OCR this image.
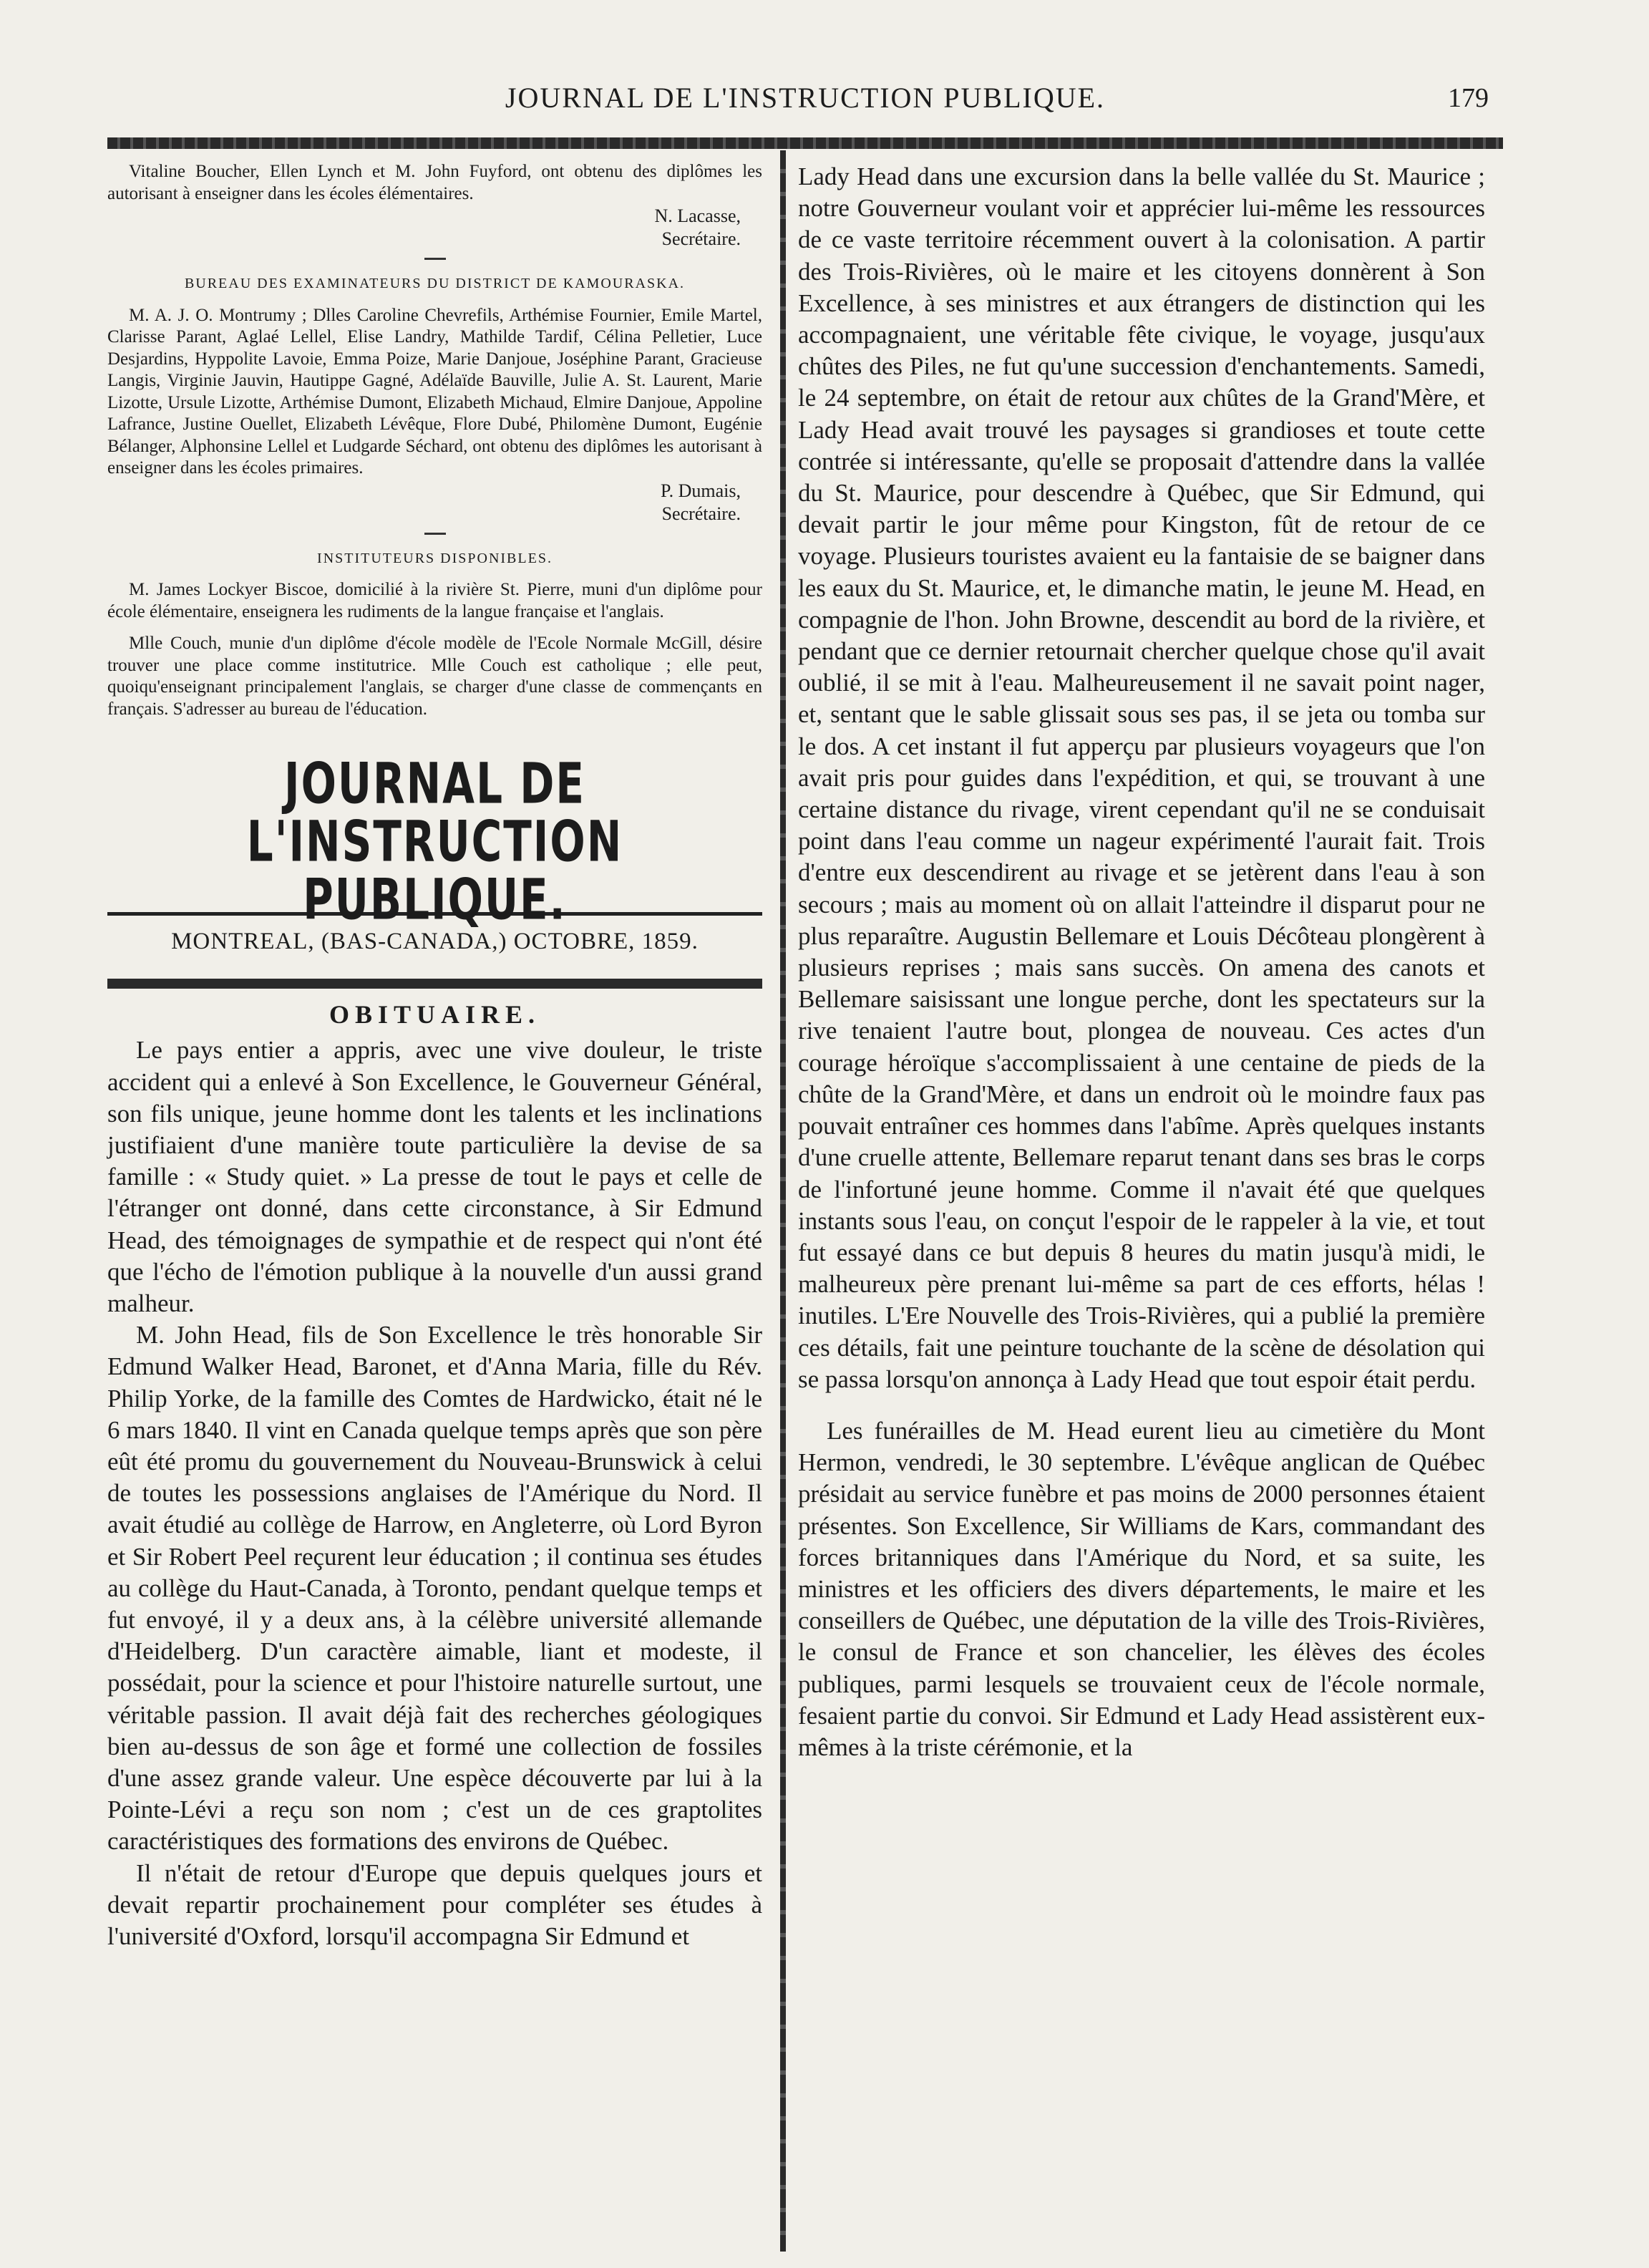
JOURNAL DE L'INSTRUCTION PUBLIQUE.	179

Vitaline Boucher, Ellen Lynch et M. John Fuyford, ont obtenu des diplômes les autorisant à enseigner dans les écoles élémentaires.

N. Lacasse,
Secrétaire.
BUREAU DES EXAMINATEURS DU DISTRICT DE KAMOURASKA.

M. A. J. O. Montrumy ; Dlles Caroline Chevrefils, Arthémise Fournier, Emile Martel, Clarisse Parant, Aglaé Lellel, Elise Landry, Mathilde Tardif, Célina Pelletier, Luce Desjardins, Hyppolite Lavoie, Emma Poize, Marie Danjoue, Joséphine Parant, Gracieuse Langis, Virginie Jauvin, Hautippe Gagné, Adélaïde Bauville, Julie A. St. Laurent, Marie Lizotte, Ursule Lizotte, Arthémise Dumont, Elizabeth Michaud, Elmire Danjoue, Appoline Lafrance, Justine Ouellet, Elizabeth Lévêque, Flore Dubé, Philomène Dumont, Eugénie Bélanger, Alphonsine Lellel et Ludgarde Séchard, ont obtenu des diplômes les autorisant à enseigner dans les écoles primaires.

P. Dumais,
Secrétaire.
INSTITUTEURS DISPONIBLES.

M. James Lockyer Biscoe, domicilié à la rivière St. Pierre, muni d'un diplôme pour école élémentaire, enseignera les rudiments de la langue française et l'anglais.

Mlle Couch, munie d'un diplôme d'école modèle de l'Ecole Normale McGill, désire trouver une place comme institutrice. Mlle Couch est catholique ; elle peut, quoiqu'enseignant principalement l'anglais, se charger d'une classe de commençants en français. S'adresser au bureau de l'éducation.

JOURNAL DE L'INSTRUCTION PUBLIQUE.
MONTREAL, (BAS-CANADA,) OCTOBRE, 1859.
OBITUAIRE.

Le pays entier a appris, avec une vive douleur, le triste accident qui a enlevé à Son Excellence, le Gouverneur Général, son fils unique, jeune homme dont les talents et les inclinations justifiaient d'une manière toute particulière la devise de sa famille : « Study quiet. » La presse de tout le pays et celle de l'étranger ont donné, dans cette circonstance, à Sir Edmund Head, des témoignages de sympathie et de respect qui n'ont été que l'écho de l'émotion publique à la nouvelle d'un aussi grand malheur.

M. John Head, fils de Son Excellence le très honorable Sir Edmund Walker Head, Baronet, et d'Anna Maria, fille du Rév. Philip Yorke, de la famille des Comtes de Hardwicko, était né le 6 mars 1840. Il vint en Canada quelque temps après que son père eût été promu du gouvernement du Nouveau-Brunswick à celui de toutes les possessions anglaises de l'Amérique du Nord. Il avait étudié au collège de Harrow, en Angleterre, où Lord Byron et Sir Robert Peel reçurent leur éducation ; il continua ses études au collège du Haut-Canada, à Toronto, pendant quelque temps et fut envoyé, il y a deux ans, à la célèbre université allemande d'Heidelberg. D'un caractère aimable, liant et modeste, il possédait, pour la science et pour l'histoire naturelle surtout, une véritable passion. Il avait déjà fait des recherches géologiques bien au-dessus de son âge et formé une collection de fossiles d'une assez grande valeur. Une espèce découverte par lui à la Pointe-Lévi a reçu son nom ; c'est un de ces graptolites caractéristiques des formations des environs de Québec.

Il n'était de retour d'Europe que depuis quelques jours et devait repartir prochainement pour compléter ses études à l'université d'Oxford, lorsqu'il accompagna Sir Edmund et

Lady Head dans une excursion dans la belle vallée du St. Maurice ; notre Gouverneur voulant voir et apprécier lui-même les ressources de ce vaste territoire récemment ouvert à la colonisation. A partir des Trois-Rivières, où le maire et les citoyens donnèrent à Son Excellence, à ses ministres et aux étrangers de distinction qui les accompagnaient, une véritable fête civique, le voyage, jusqu'aux chûtes des Piles, ne fut qu'une succession d'enchantements. Samedi, le 24 septembre, on était de retour aux chûtes de la Grand'Mère, et Lady Head avait trouvé les paysages si grandioses et toute cette contrée si intéressante, qu'elle se proposait d'attendre dans la vallée du St. Maurice, pour descendre à Québec, que Sir Edmund, qui devait partir le jour même pour Kingston, fût de retour de ce voyage. Plusieurs touristes avaient eu la fantaisie de se baigner dans les eaux du St. Maurice, et, le dimanche matin, le jeune M. Head, en compagnie de l'hon. John Browne, descendit au bord de la rivière, et pendant que ce dernier retournait chercher quelque chose qu'il avait oublié, il se mit à l'eau. Malheureusement il ne savait point nager, et, sentant que le sable glissait sous ses pas, il se jeta ou tomba sur le dos. A cet instant il fut apperçu par plusieurs voyageurs que l'on avait pris pour guides dans l'expédition, et qui, se trouvant à une certaine distance du rivage, virent cependant qu'il ne se conduisait point dans l'eau comme un nageur expérimenté l'aurait fait. Trois d'entre eux descendirent au rivage et se jetèrent dans l'eau à son secours ; mais au moment où on allait l'atteindre il disparut pour ne plus reparaître. Augustin Bellemare et Louis Décôteau plongèrent à plusieurs reprises ; mais sans succès. On amena des canots et Bellemare saisissant une longue perche, dont les spectateurs sur la rive tenaient l'autre bout, plongea de nouveau. Ces actes d'un courage héroïque s'accomplissaient à une centaine de pieds de la chûte de la Grand'Mère, et dans un endroit où le moindre faux pas pouvait entraîner ces hommes dans l'abîme. Après quelques instants d'une cruelle attente, Bellemare reparut tenant dans ses bras le corps de l'infortuné jeune homme. Comme il n'avait été que quelques instants sous l'eau, on conçut l'espoir de le rappeler à la vie, et tout fut essayé dans ce but depuis 8 heures du matin jusqu'à midi, le malheureux père prenant lui-même sa part de ces efforts, hélas ! inutiles. L'Ere Nouvelle des Trois-Rivières, qui a publié la première ces détails, fait une peinture touchante de la scène de désolation qui se passa lorsqu'on annonça à Lady Head que tout espoir était perdu.

Les funérailles de M. Head eurent lieu au cimetière du Mont Hermon, vendredi, le 30 septembre. L'évêque anglican de Québec présidait au service funèbre et pas moins de 2000 personnes étaient présentes. Son Excellence, Sir Williams de Kars, commandant des forces britanniques dans l'Amérique du Nord, et sa suite, les ministres et les officiers des divers départements, le maire et les conseillers de Québec, une députation de la ville des Trois-Rivières, le consul de France et son chancelier, les élèves des écoles publiques, parmi lesquels se trouvaient ceux de l'école normale, fesaient partie du convoi. Sir Edmund et Lady Head assistèrent eux-mêmes à la triste cérémonie, et la
